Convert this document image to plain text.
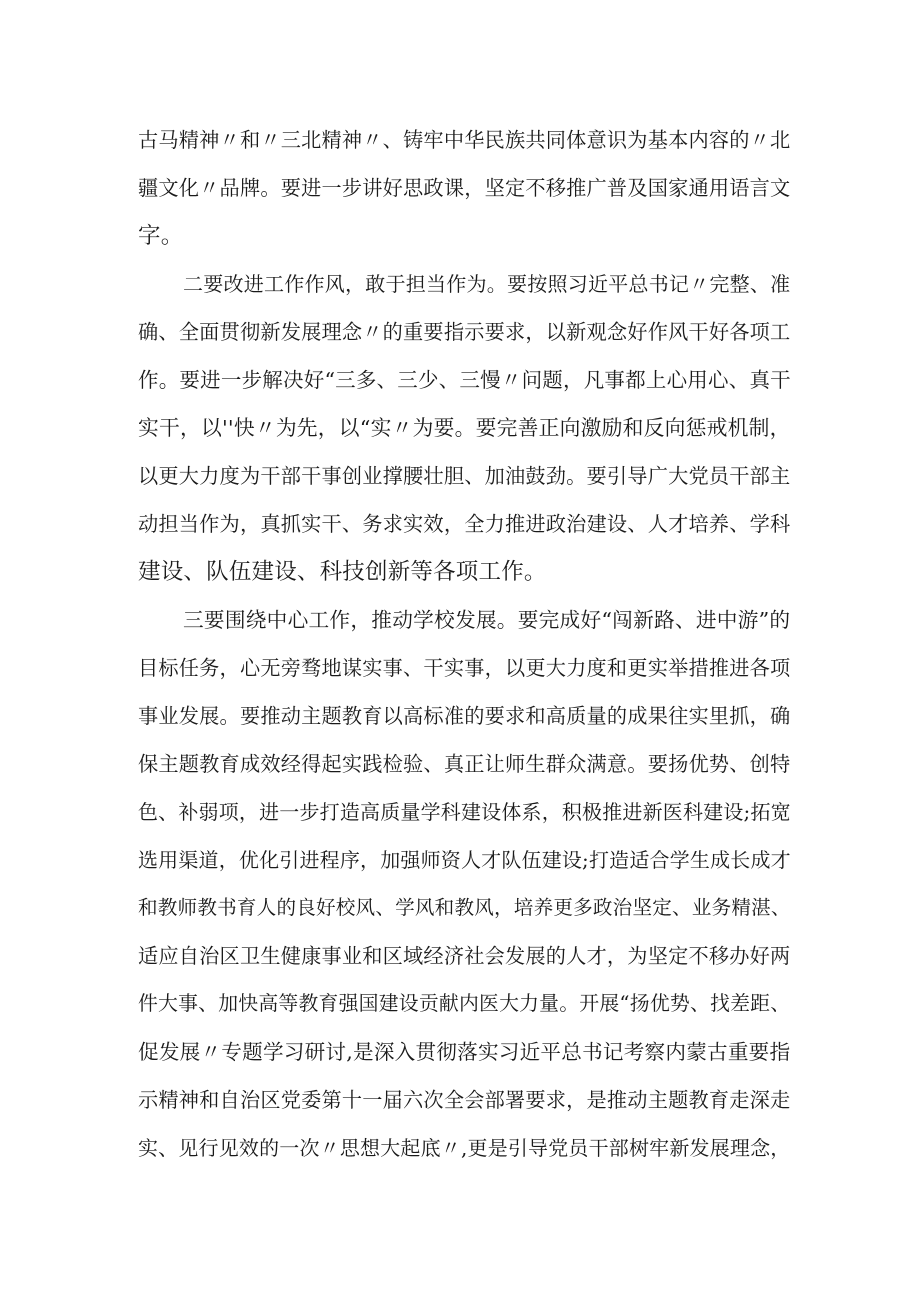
古马精神〃和〃三北精神〃、铸牢中华民族共同体意识为基本内容的〃北
疆文化〃品牌。要进一步讲好思政课，坚定不移推广普及国家通用语言文
字。
二要改进工作作风，敢于担当作为。要按照习近平总书记〃完整、准
确、全面贯彻新发展理念〃的重要指示要求，以新观念好作风干好各项工
作。要进一步解决好“三多、三少、三慢〃问题，凡事都上心用心、真干
实干，以''快〃为先，以“实〃为要。要完善正向激励和反向惩戒机制，
以更大力度为干部干事创业撑腰壮胆、加油鼓劲。要引导广大党员干部主
动担当作为，真抓实干、务求实效，全力推进政治建设、人才培养、学科
建设、队伍建设、科技创新等各项工作。
三要围绕中心工作，推动学校发展。要完成好“闯新路、进中游”的
目标任务，心无旁骛地谋实事、干实事，以更大力度和更实举措推进各项
事业发展。要推动主题教育以高标准的要求和高质量的成果往实里抓，确
保主题教育成效经得起实践检验、真正让师生群众满意。要扬优势、创特
色、补弱项，进一步打造高质量学科建设体系，积极推进新医科建设;拓宽
选用渠道，优化引进程序，加强师资人才队伍建设;打造适合学生成长成才
和教师教书育人的良好校风、学风和教风，培养更多政治坚定、业务精湛、
适应自治区卫生健康事业和区域经济社会发展的人才，为坚定不移办好两
件大事、加快高等教育强国建设贡献内医大力量。开展“扬优势、找差距、
促发展〃专题学习研讨,是深入贯彻落实习近平总书记考察内蒙古重要指
示精神和自治区党委第十一届六次全会部署要求，是推动主题教育走深走
实、见行见效的一次〃思想大起底〃,更是引导党员干部树牢新发展理念，
